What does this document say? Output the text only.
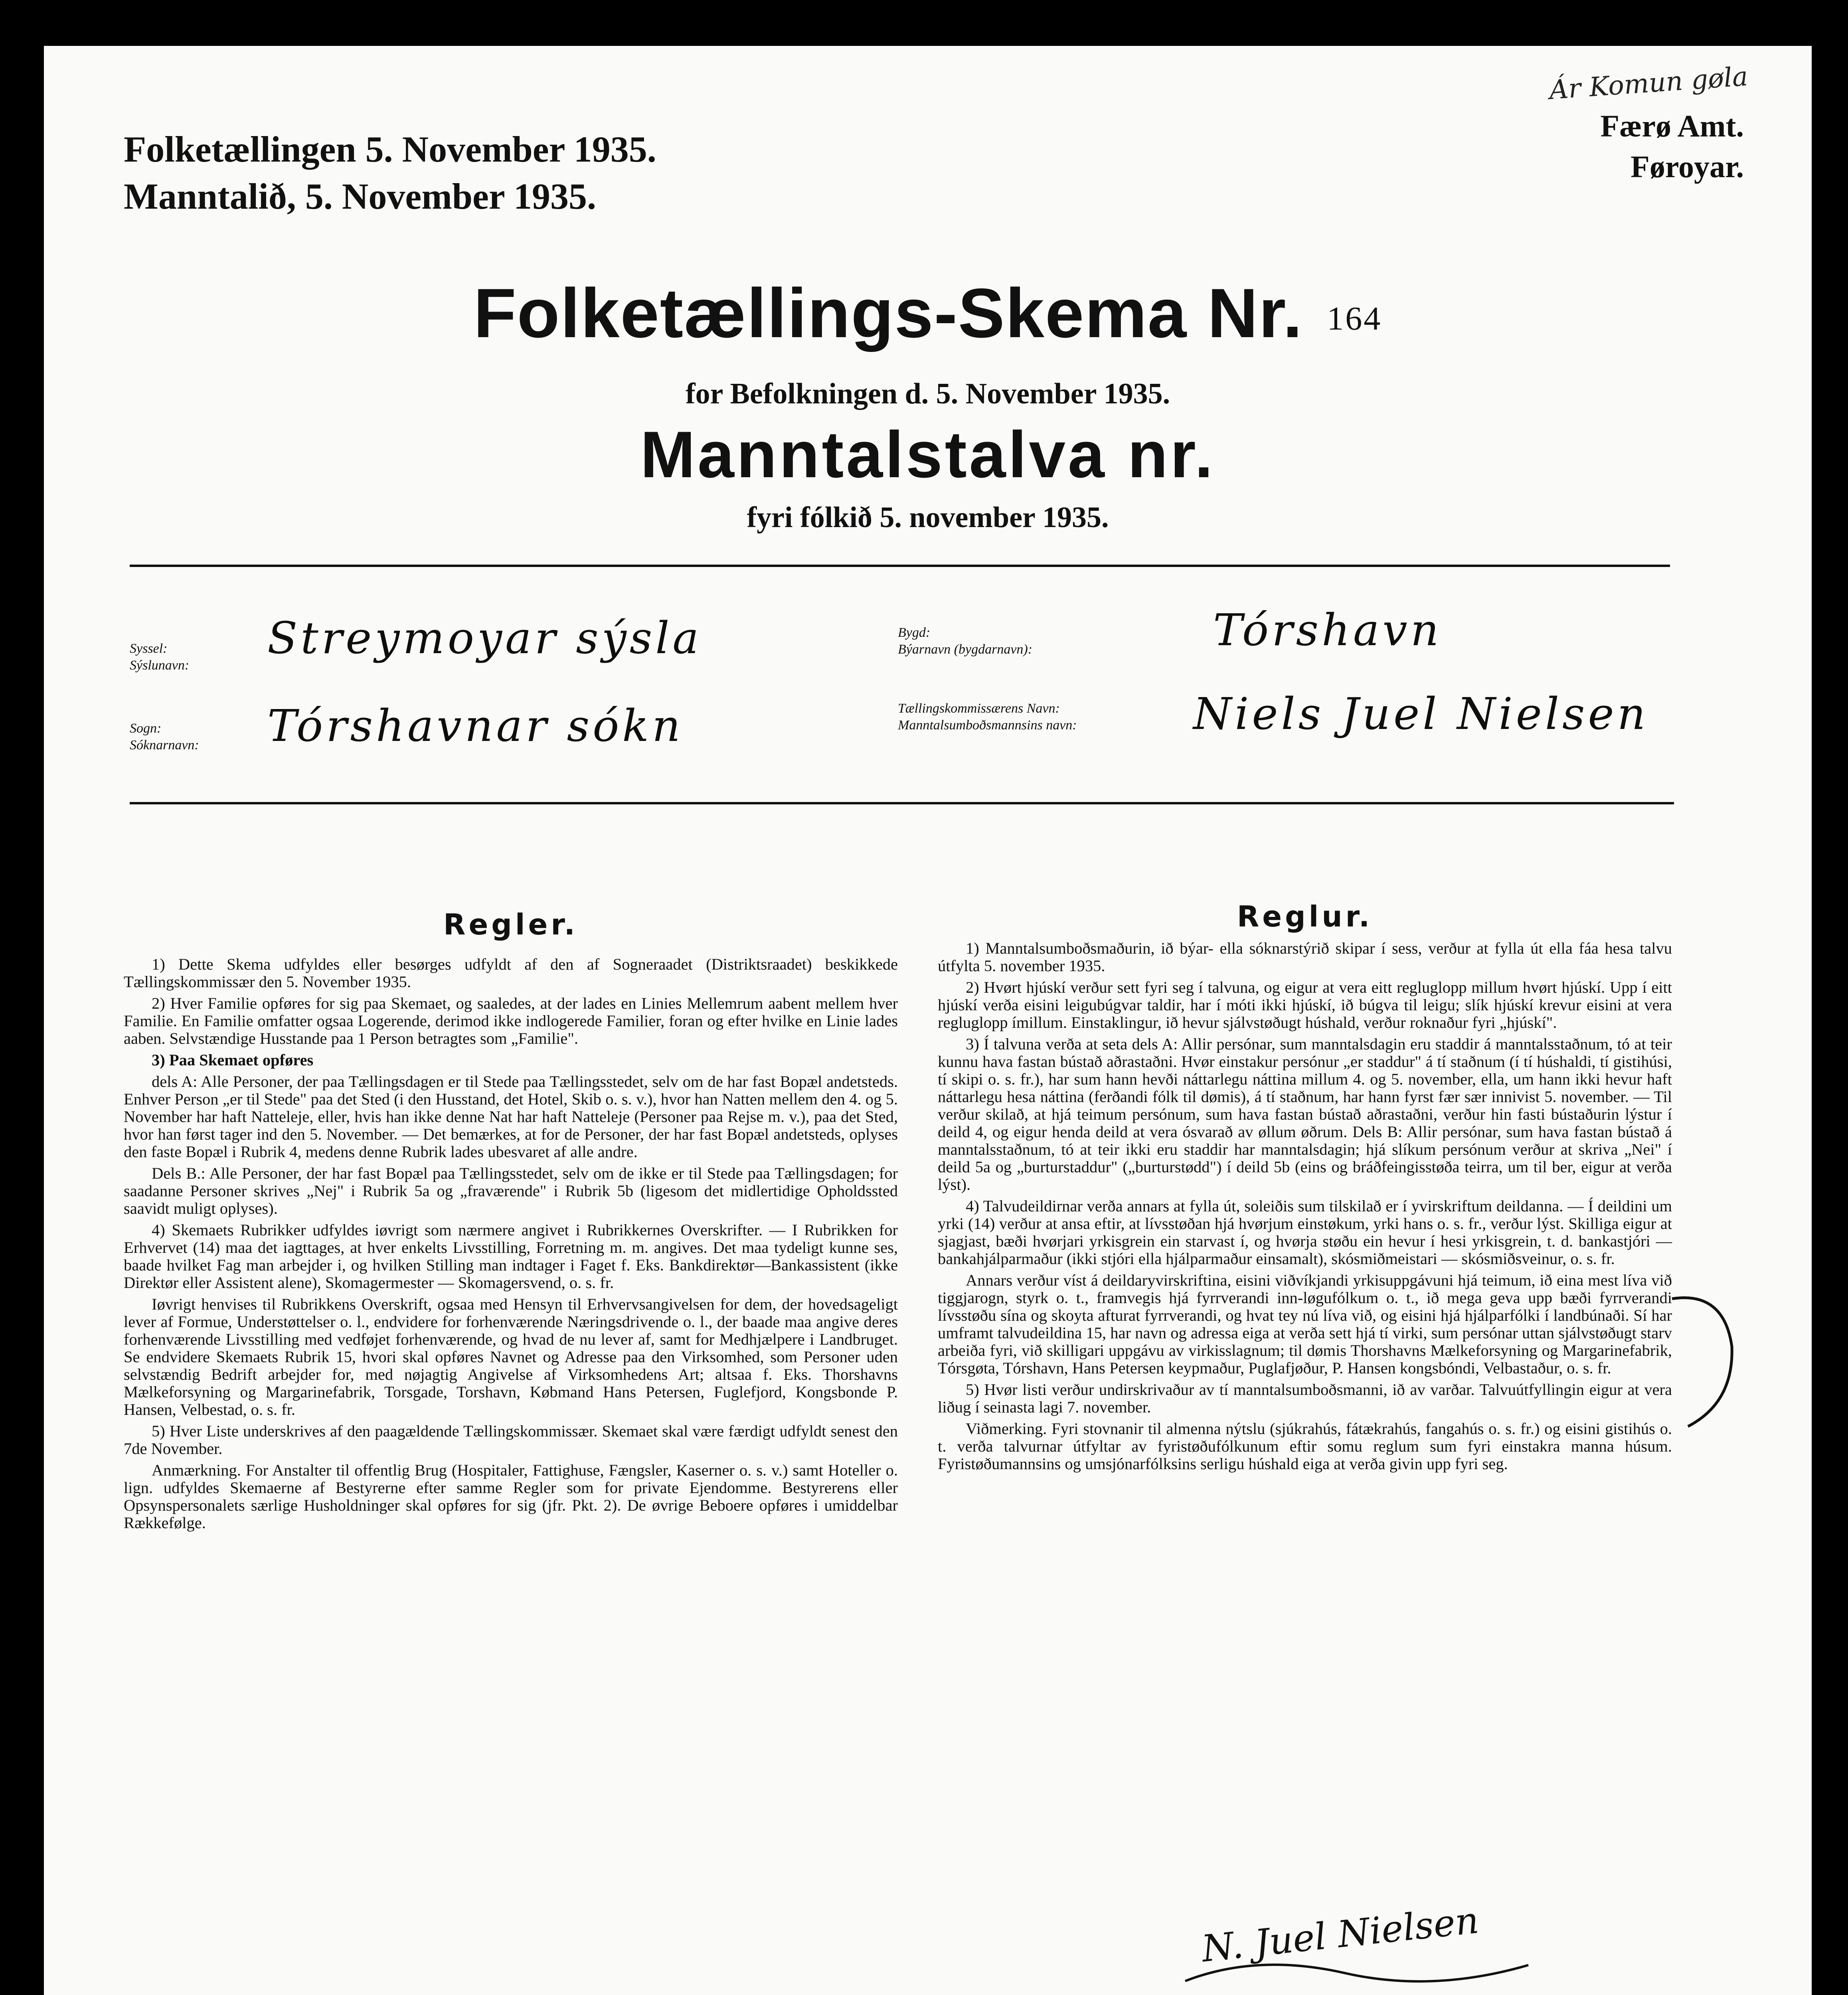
Folketællingen 5. November 1935.
Manntalið, 5. November 1935.
Ár Komun gøla
Færø Amt.
Føroyar.
Folketællings-Skema Nr. 164
for Befolkningen d. 5. November 1935.
Manntalstalva nr.
fyri fólkið 5. november 1935.
Syssel:
Sýslunavn:
Streymoyar sýsla
Sogn:
Sóknarnavn: Tórshavnar sókn
Bygd:
Býarnavn (bygdarnavn):	Tórshavn
Tællingskommissærens Navn:
Manntalsumboðsmannsins navn:	Niels Juel Nielsen
Regler.

1) Dette Skema udfyldes eller besørges udfyldt af den af Sogneraadet (Distriktsraadet) beskikkede Tællingskommissær den 5. November 1935.

2) Hver Familie opføres for sig paa Skemaet, og saaledes, at der lades en Linies Mellemrum aabent mellem hver Familie. En Familie omfatter ogsaa Logerende, derimod ikke indlogerede Familier, foran og efter hvilke en Linie lades aaben. Selvstændige Husstande paa 1 Person betragtes som „Familie".

3) Paa Skemaet opføres

dels A: Alle Personer, der paa Tællingsdagen er til Stede paa Tællingsstedet, selv om de har fast Bopæl andetsteds. Enhver Person „er til Stede" paa det Sted (i den Husstand, det Hotel, Skib o. s. v.), hvor han Natten mellem den 4. og 5. November har haft Natteleje, eller, hvis han ikke denne Nat har haft Natteleje (Personer paa Rejse m. v.), paa det Sted, hvor han først tager ind den 5. November. — Det bemærkes, at for de Personer, der har fast Bopæl andetsteds, oplyses den faste Bopæl i Rubrik 4, medens denne Rubrik lades ubesvaret af alle andre.

Dels B.: Alle Personer, der har fast Bopæl paa Tællingsstedet, selv om de ikke er til Stede paa Tællingsdagen; for saadanne Personer skrives „Nej" i Rubrik 5a og „fraværende" i Rubrik 5b (ligesom det midlertidige Opholdssted saavidt muligt oplyses).

4) Skemaets Rubrikker udfyldes iøvrigt som nærmere angivet i Rubrikkernes Overskrifter. — I Rubrikken for Erhvervet (14) maa det iagttages, at hver enkelts Livsstilling, Forretning m. m. angives. Det maa tydeligt kunne ses, baade hvilket Fag man arbejder i, og hvilken Stilling man indtager i Faget f. Eks. Bankdirektør—Bankassistent (ikke Direktør eller Assistent alene), Skomagermester — Skomagersvend, o. s. fr.

Iøvrigt henvises til Rubrikkens Overskrift, ogsaa med Hensyn til Erhvervsangivelsen for dem, der hovedsageligt lever af Formue, Understøttelser o. l., endvidere for forhenværende Næringsdrivende o. l., der baade maa angive deres forhenværende Livsstilling med vedføjet forhenværende, og hvad de nu lever af, samt for Medhjælpere i Landbruget. Se endvidere Skemaets Rubrik 15, hvori skal opføres Navnet og Adresse paa den Virksomhed, som Personer uden selvstændig Bedrift arbejder for, med nøjagtig Angivelse af Virksomhedens Art; altsaa f. Eks. Thorshavns Mælkeforsyning og Margarinefabrik, Torsgade, Torshavn, Købmand Hans Petersen, Fuglefjord, Kongsbonde P. Hansen, Velbestad, o. s. fr.

5) Hver Liste underskrives af den paagældende Tællingskommissær. Skemaet skal være færdigt udfyldt senest den 7de November.

Anmærkning. For Anstalter til offentlig Brug (Hospitaler, Fattighuse, Fængsler, Kaserner o. s. v.) samt Hoteller o. lign. udfyldes Skemaerne af Bestyrerne efter samme Regler som for private Ejendomme. Bestyrerens eller Opsynspersonalets særlige Husholdninger skal opføres for sig (jfr. Pkt. 2). De øvrige Beboere opføres i umiddelbar Rækkefølge.

Reglur.

1) Manntalsumboðsmaðurin, ið býar- ella sóknarstýrið skipar í sess, verður at fylla út ella fáa hesa talvu útfylta 5. november 1935.

2) Hvørt hjúskí verður sett fyri seg í talvuna, og eigur at vera eitt regluglopp millum hvørt hjúskí. Upp í eitt hjúskí verða eisini leigubúgvar taldir, har í móti ikki hjúskí, ið búgva til leigu; slík hjúskí krevur eisini at vera regluglopp ímillum. Einstaklingur, ið hevur sjálvstøðugt húshald, verður roknaður fyri „hjúskí".

3) Í talvuna verða at seta dels A: Allir persónar, sum manntalsdagin eru staddir á manntalsstaðnum, tó at teir kunnu hava fastan bústað aðrastaðni. Hvør einstakur persónur „er staddur" á tí staðnum (í tí húshaldi, tí gistihúsi, tí skipi o. s. fr.), har sum hann hevði náttarlegu náttina millum 4. og 5. november, ella, um hann ikki hevur haft náttarlegu hesa náttina (ferðandi fólk til dømis), á tí staðnum, har hann fyrst fær sær innivist 5. november. — Til verður skilað, at hjá teimum persónum, sum hava fastan bústað aðrastaðni, verður hin fasti bústaðurin lýstur í deild 4, og eigur henda deild at vera ósvarað av øllum øðrum. Dels B: Allir persónar, sum hava fastan bústað á manntalsstaðnum, tó at teir ikki eru staddir har manntalsdagin; hjá slíkum persónum verður at skriva „Nei" í deild 5a og „burturstaddur" („burturstødd") í deild 5b (eins og bráðfeingisstøða teirra, um til ber, eigur at verða lýst).

4) Talvudeildirnar verða annars at fylla út, soleiðis sum tilskilað er í yvirskriftum deildanna. — Í deildini um yrki (14) verður at ansa eftir, at lívsstøðan hjá hvørjum einstøkum, yrki hans o. s. fr., verður lýst. Skilliga eigur at sjagjast, bæði hvørjari yrkisgrein ein starvast í, og hvørja støðu ein hevur í hesi yrkisgrein, t. d. bankastjóri — bankahjálparmaður (ikki stjóri ella hjálparmaður einsamalt), skósmiðmeistari — skósmiðsveinur, o. s. fr.

Annars verður víst á deildaryvirskriftina, eisini viðvíkjandi yrkisuppgávuni hjá teimum, ið eina mest líva við tiggjarogn, styrk o. t., framvegis hjá fyrrverandi inn-løgufólkum o. t., ið mega geva upp bæði fyrrverandi lívsstøðu sína og skoyta afturat fyrrverandi, og hvat tey nú líva við, og eisini hjá hjálparfólki í landbúnaði. Sí har umframt talvudeildina 15, har navn og adressa eiga at verða sett hjá tí virki, sum persónar uttan sjálvstøðugt starv arbeiða fyri, við skilligari uppgávu av virkisslagnum; til dømis Thorshavns Mælkeforsyning og Margarinefabrik, Tórsgøta, Tórshavn, Hans Petersen keypmaður, Puglafjøður, P. Hansen kongsbóndi, Velbastaður, o. s. fr.

5) Hvør listi verður undirskrivaður av tí manntalsumboðsmanni, ið av varðar. Talvuútfyllingin eigur at vera liðug í seinasta lagi 7. november.

Viðmerking. Fyri stovnanir til almenna nýtslu (sjúkrahús, fátækrahús, fangahús o. s. fr.) og eisini gistihús o. t. verða talvurnar útfyltar av fyristøðufólkunum eftir somu reglum sum fyri einstakra manna húsum. Fyristøðumannsins og umsjónarfólksins serligu húshald eiga at verða givin upp fyri seg.

N. Juel Nielsen
